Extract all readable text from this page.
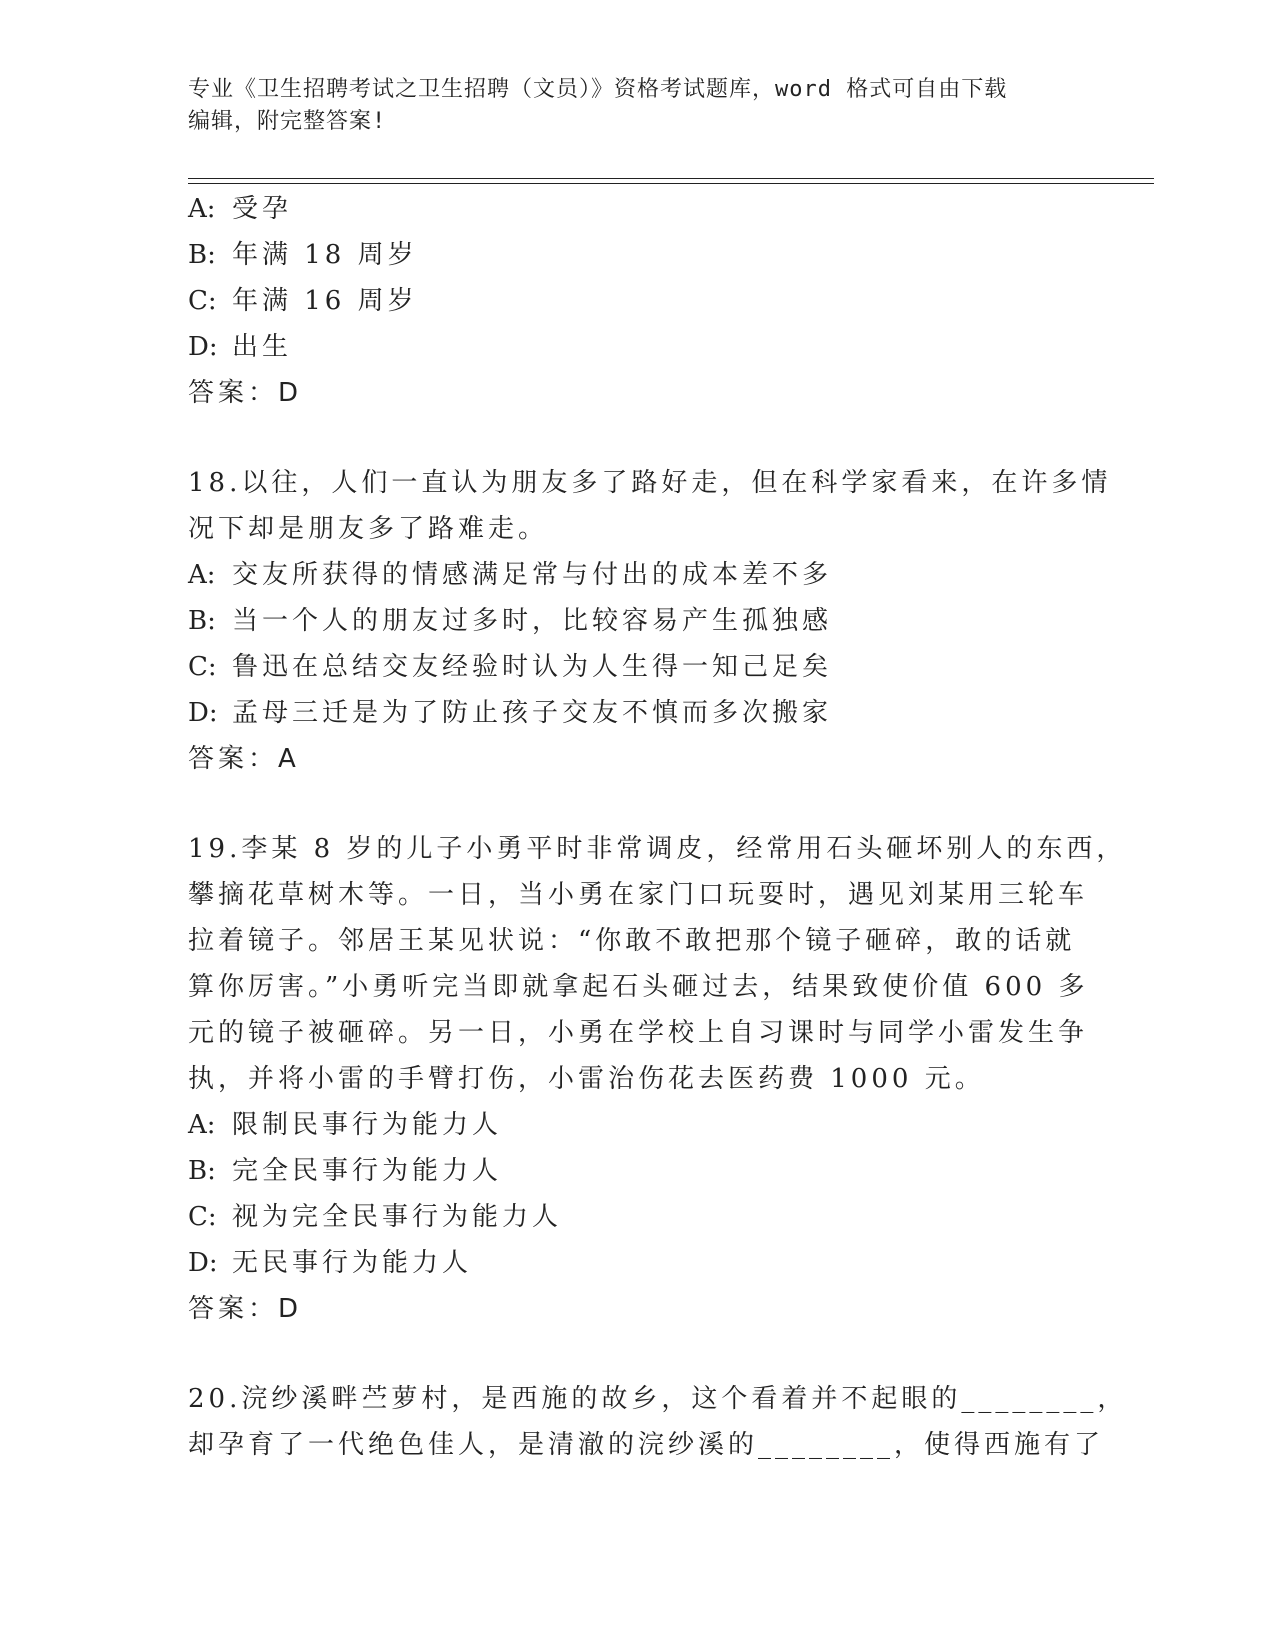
专业《卫生招聘考试之卫生招聘（文员）》资格考试题库，word 格式可自由下载
编辑，附完整答案!
A: 受孕
B: 年满 18 周岁
C: 年满 16 周岁
D: 出生
答案：D
18.以往，人们一直认为朋友多了路好走，但在科学家看来，在许多情
况下却是朋友多了路难走。
A: 交友所获得的情感满足常与付出的成本差不多
B: 当一个人的朋友过多时，比较容易产生孤独感
C: 鲁迅在总结交友经验时认为人生得一知己足矣
D: 孟母三迁是为了防止孩子交友不慎而多次搬家
答案：A
19.李某 8 岁的儿子小勇平时非常调皮，经常用石头砸坏别人的东西，
攀摘花草树木等。一日，当小勇在家门口玩耍时，遇见刘某用三轮车
拉着镜子。邻居王某见状说：“你敢不敢把那个镜子砸碎，敢的话就
算你厉害。”小勇听完当即就拿起石头砸过去，结果致使价值 600 多
元的镜子被砸碎。另一日，小勇在学校上自习课时与同学小雷发生争
执，并将小雷的手臂打伤，小雷治伤花去医药费 1000 元。
A: 限制民事行为能力人
B: 完全民事行为能力人
C: 视为完全民事行为能力人
D: 无民事行为能力人
答案：D
20.浣纱溪畔苎萝村，是西施的故乡，这个看着并不起眼的________，
却孕育了一代绝色佳人，是清澈的浣纱溪的________，使得西施有了
